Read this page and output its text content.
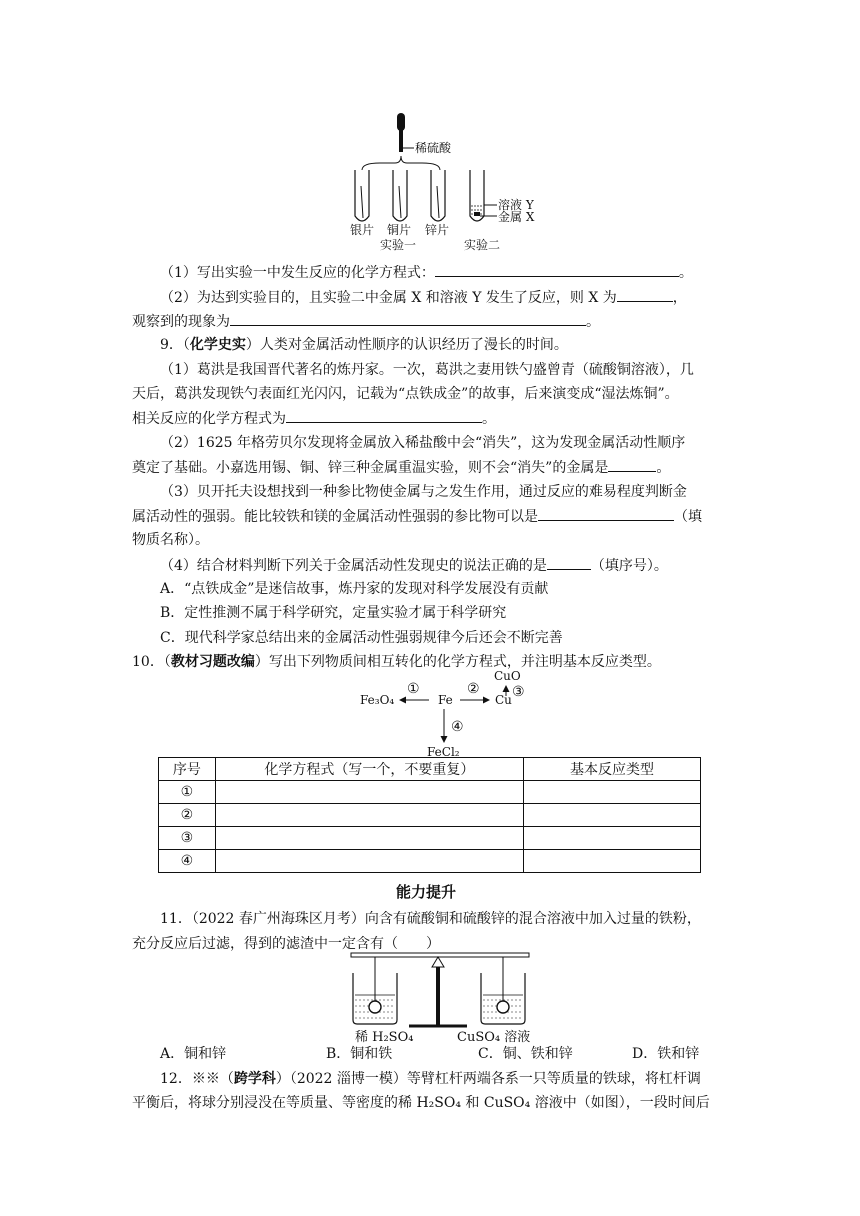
稀硫酸
溶液 Y
金属 X
银片 铜片 锌片
实验一	实验二
（1）写出实验一中发生反应的化学方程式：	。
（2）为达到实验目的，且实验二中金属 X 和溶液 Y 发生了反应，则 X 为	，
观察到的现象为	。
9．（化学史实）人类对金属活动性顺序的认识经历了漫长的时间。
（1）葛洪是我国晋代著名的炼丹家。一次，葛洪之妻用铁勺盛曾青（硫酸铜溶液），几
天后，葛洪发现铁勺表面红光闪闪，记载为“点铁成金”的故事，后来演变成“湿法炼铜”。
相关反应的化学方程式为	。
（2）1625 年格劳贝尔发现将金属放入稀盐酸中会“消失”，这为发现金属活动性顺序
奠定了基础。小嘉选用锡、铜、锌三种金属重温实验，则不会“消失”的金属是	。
（3）贝开托夫设想找到一种参比物使金属与之发生作用，通过反应的难易程度判断金
属活动性的强弱。能比较铁和镁的金属活动性强弱的参比物可以是	（填
物质名称）。
（4）结合材料判断下列关于金属活动性发现史的说法正确的是	（填序号）。
A．“点铁成金”是迷信故事，炼丹家的发现对科学发展没有贡献
B．定性推测不属于科学研究，定量实验才属于科学研究
C．现代科学家总结出来的金属活动性强弱规律今后还会不断完善
10．（教材习题改编）写出下列物质间相互转化的化学方程式，并注明基本反应类型。
CuO
③
Fe₃O₄
①
Fe
②
Cu
④
FeCl₂
序号	化学方程式（写一个，不要重复）	基本反应类型
①		
②		
③		
④		
能力提升
11．（2022 春广州海珠区月考）向含有硫酸铜和硫酸锌的混合溶液中加入过量的铁粉，
充分反应后过滤，得到的滤渣中一定含有（　　）
稀 H₂SO₄	CuSO₄ 溶液
A．铜和锌	B．铜和铁	C．铜、铁和锌	D．铁和锌
12．※※（跨学科）（2022 淄博一模）等臂杠杆两端各系一只等质量的铁球，将杠杆调
平衡后，将球分别浸没在等质量、等密度的稀 H₂SO₄ 和 CuSO₄ 溶液中（如图），一段时间后
